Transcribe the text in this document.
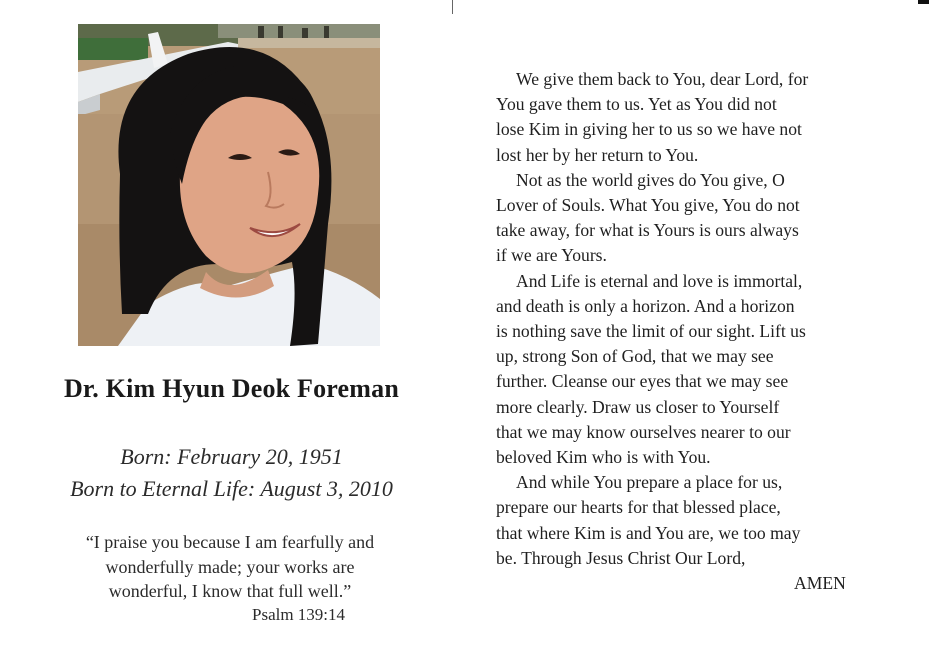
Dr. Kim Hyun Deok Foreman
Born: February 20, 1951
Born to Eternal Life: August 3, 2010
“I praise you because I am fearfully and
wonderfully made; your works are
wonderful, I know that full well.”
Psalm 139:14

We give them back to You, dear Lord, for
You gave them to us. Yet as You did not
lose Kim in giving her to us so we have not
lost her by her return to You.

Not as the world gives do You give, O
Lover of Souls. What You give, You do not
take away, for what is Yours is ours always
if we are Yours.

And Life is eternal and love is immortal,
and death is only a horizon. And a horizon
is nothing save the limit of our sight. Lift us
up, strong Son of God, that we may see
further. Cleanse our eyes that we may see
more clearly. Draw us closer to Yourself
that we may know ourselves nearer to our
beloved Kim who is with You.

And while You prepare a place for us,
prepare our hearts for that blessed place,
that where Kim is and You are, we too may
be. Through Jesus Christ Our Lord,

AMEN
